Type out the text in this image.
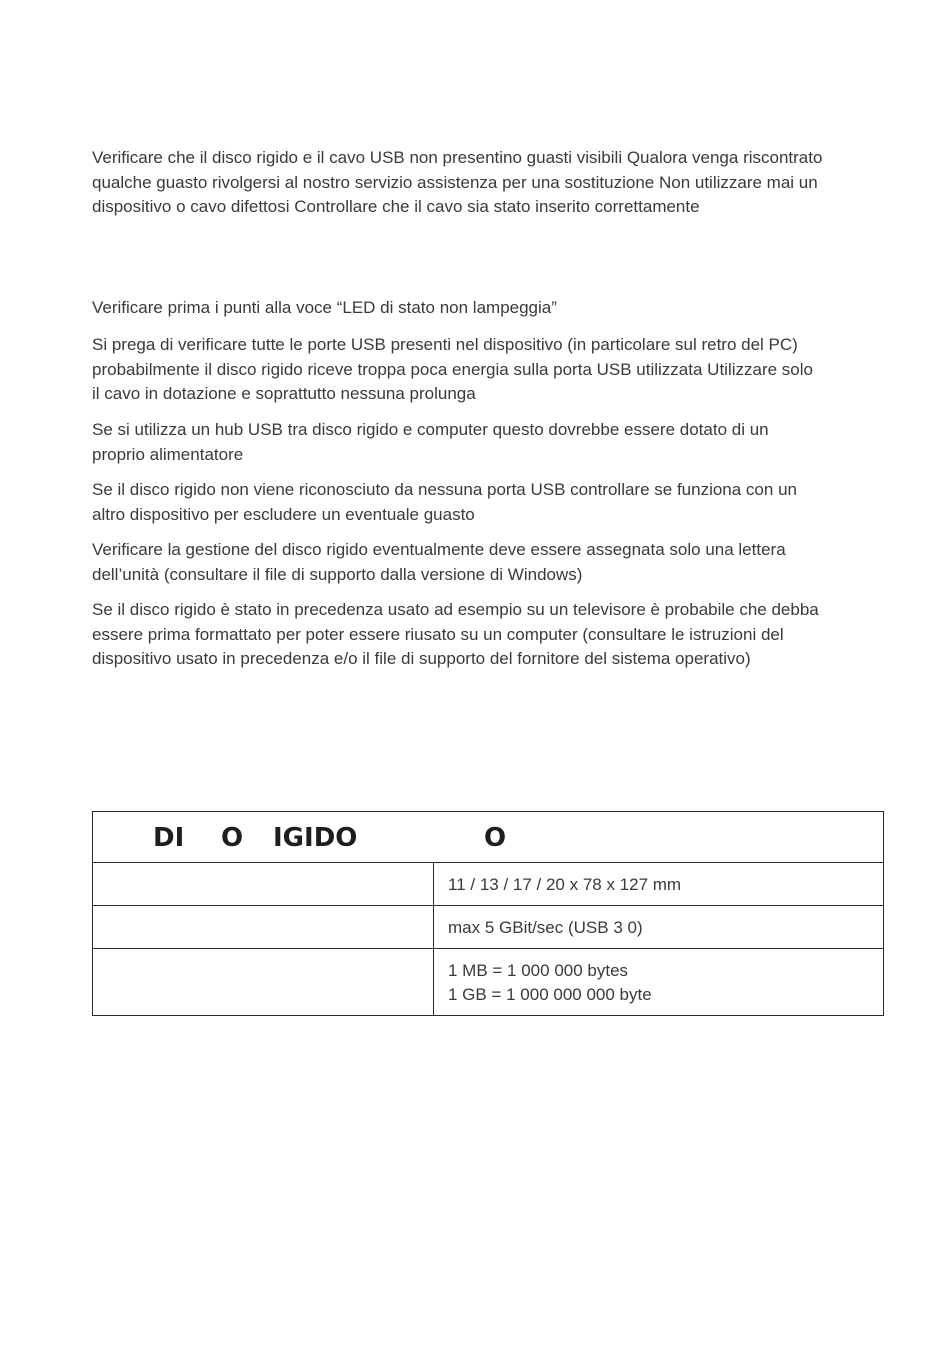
Verificare che il disco rigido e il cavo USB non presentino guasti visibili Qualora venga riscontrato
qualche guasto rivolgersi al nostro servizio assistenza per una sostituzione Non utilizzare mai un
dispositivo o cavo difettosi Controllare che il cavo sia stato inserito correttamente

Verificare prima i punti alla voce “LED di stato non lampeggia”

Si prega di verificare tutte le porte USB presenti nel dispositivo (in particolare sul retro del PC)
probabilmente il disco rigido riceve troppa poca energia sulla porta USB utilizzata Utilizzare solo
il cavo in dotazione e soprattutto nessuna prolunga

Se si utilizza un hub USB tra disco rigido e computer questo dovrebbe essere dotato di un
proprio alimentatore

Se il disco rigido non viene riconosciuto da nessuna porta USB controllare se funziona con un
altro dispositivo per escludere un eventuale guasto

Verificare la gestione del disco rigido eventualmente deve essere assegnata solo una lettera
dell’unità (consultare il file di supporto dalla versione di Windows)

Se il disco rigido è stato in precedenza usato ad esempio su un televisore è probabile che debba
essere prima formattato per poter essere riusato su un computer (consultare le istruzioni del
dispositivo usato in precedenza e/o il file di supporto del fornitore del sistema operativo)

DI O IGIDO O	

	11 / 13 / 17 / 20 x 78 x 127 mm

	max 5 GBit/sec (USB 3 0)

	1 MB = 1 000 000 bytes
1 GB = 1 000 000 000 byte
